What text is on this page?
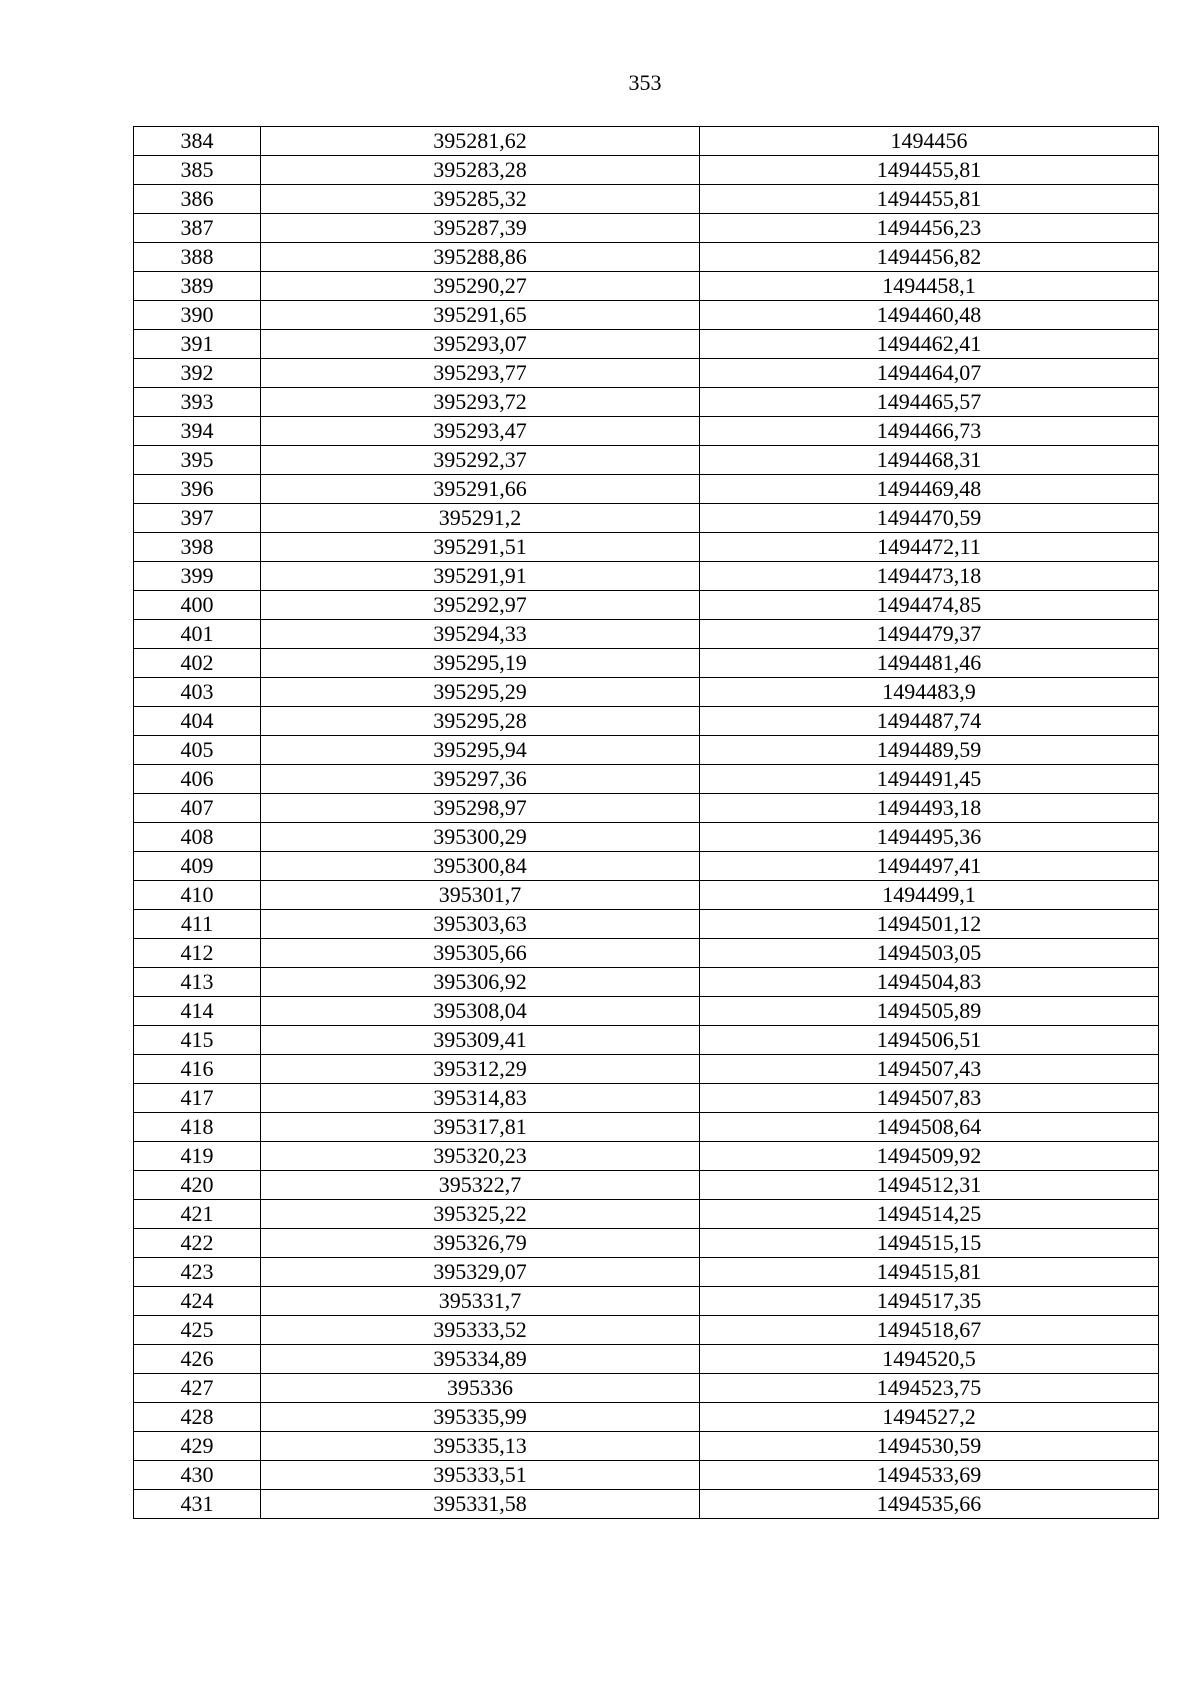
353
384	395281,62	1494456
385	395283,28	1494455,81
386	395285,32	1494455,81
387	395287,39	1494456,23
388	395288,86	1494456,82
389	395290,27	1494458,1
390	395291,65	1494460,48
391	395293,07	1494462,41
392	395293,77	1494464,07
393	395293,72	1494465,57
394	395293,47	1494466,73
395	395292,37	1494468,31
396	395291,66	1494469,48
397	395291,2	1494470,59
398	395291,51	1494472,11
399	395291,91	1494473,18
400	395292,97	1494474,85
401	395294,33	1494479,37
402	395295,19	1494481,46
403	395295,29	1494483,9
404	395295,28	1494487,74
405	395295,94	1494489,59
406	395297,36	1494491,45
407	395298,97	1494493,18
408	395300,29	1494495,36
409	395300,84	1494497,41
410	395301,7	1494499,1
411	395303,63	1494501,12
412	395305,66	1494503,05
413	395306,92	1494504,83
414	395308,04	1494505,89
415	395309,41	1494506,51
416	395312,29	1494507,43
417	395314,83	1494507,83
418	395317,81	1494508,64
419	395320,23	1494509,92
420	395322,7	1494512,31
421	395325,22	1494514,25
422	395326,79	1494515,15
423	395329,07	1494515,81
424	395331,7	1494517,35
425	395333,52	1494518,67
426	395334,89	1494520,5
427	395336	1494523,75
428	395335,99	1494527,2
429	395335,13	1494530,59
430	395333,51	1494533,69
431	395331,58	1494535,66
